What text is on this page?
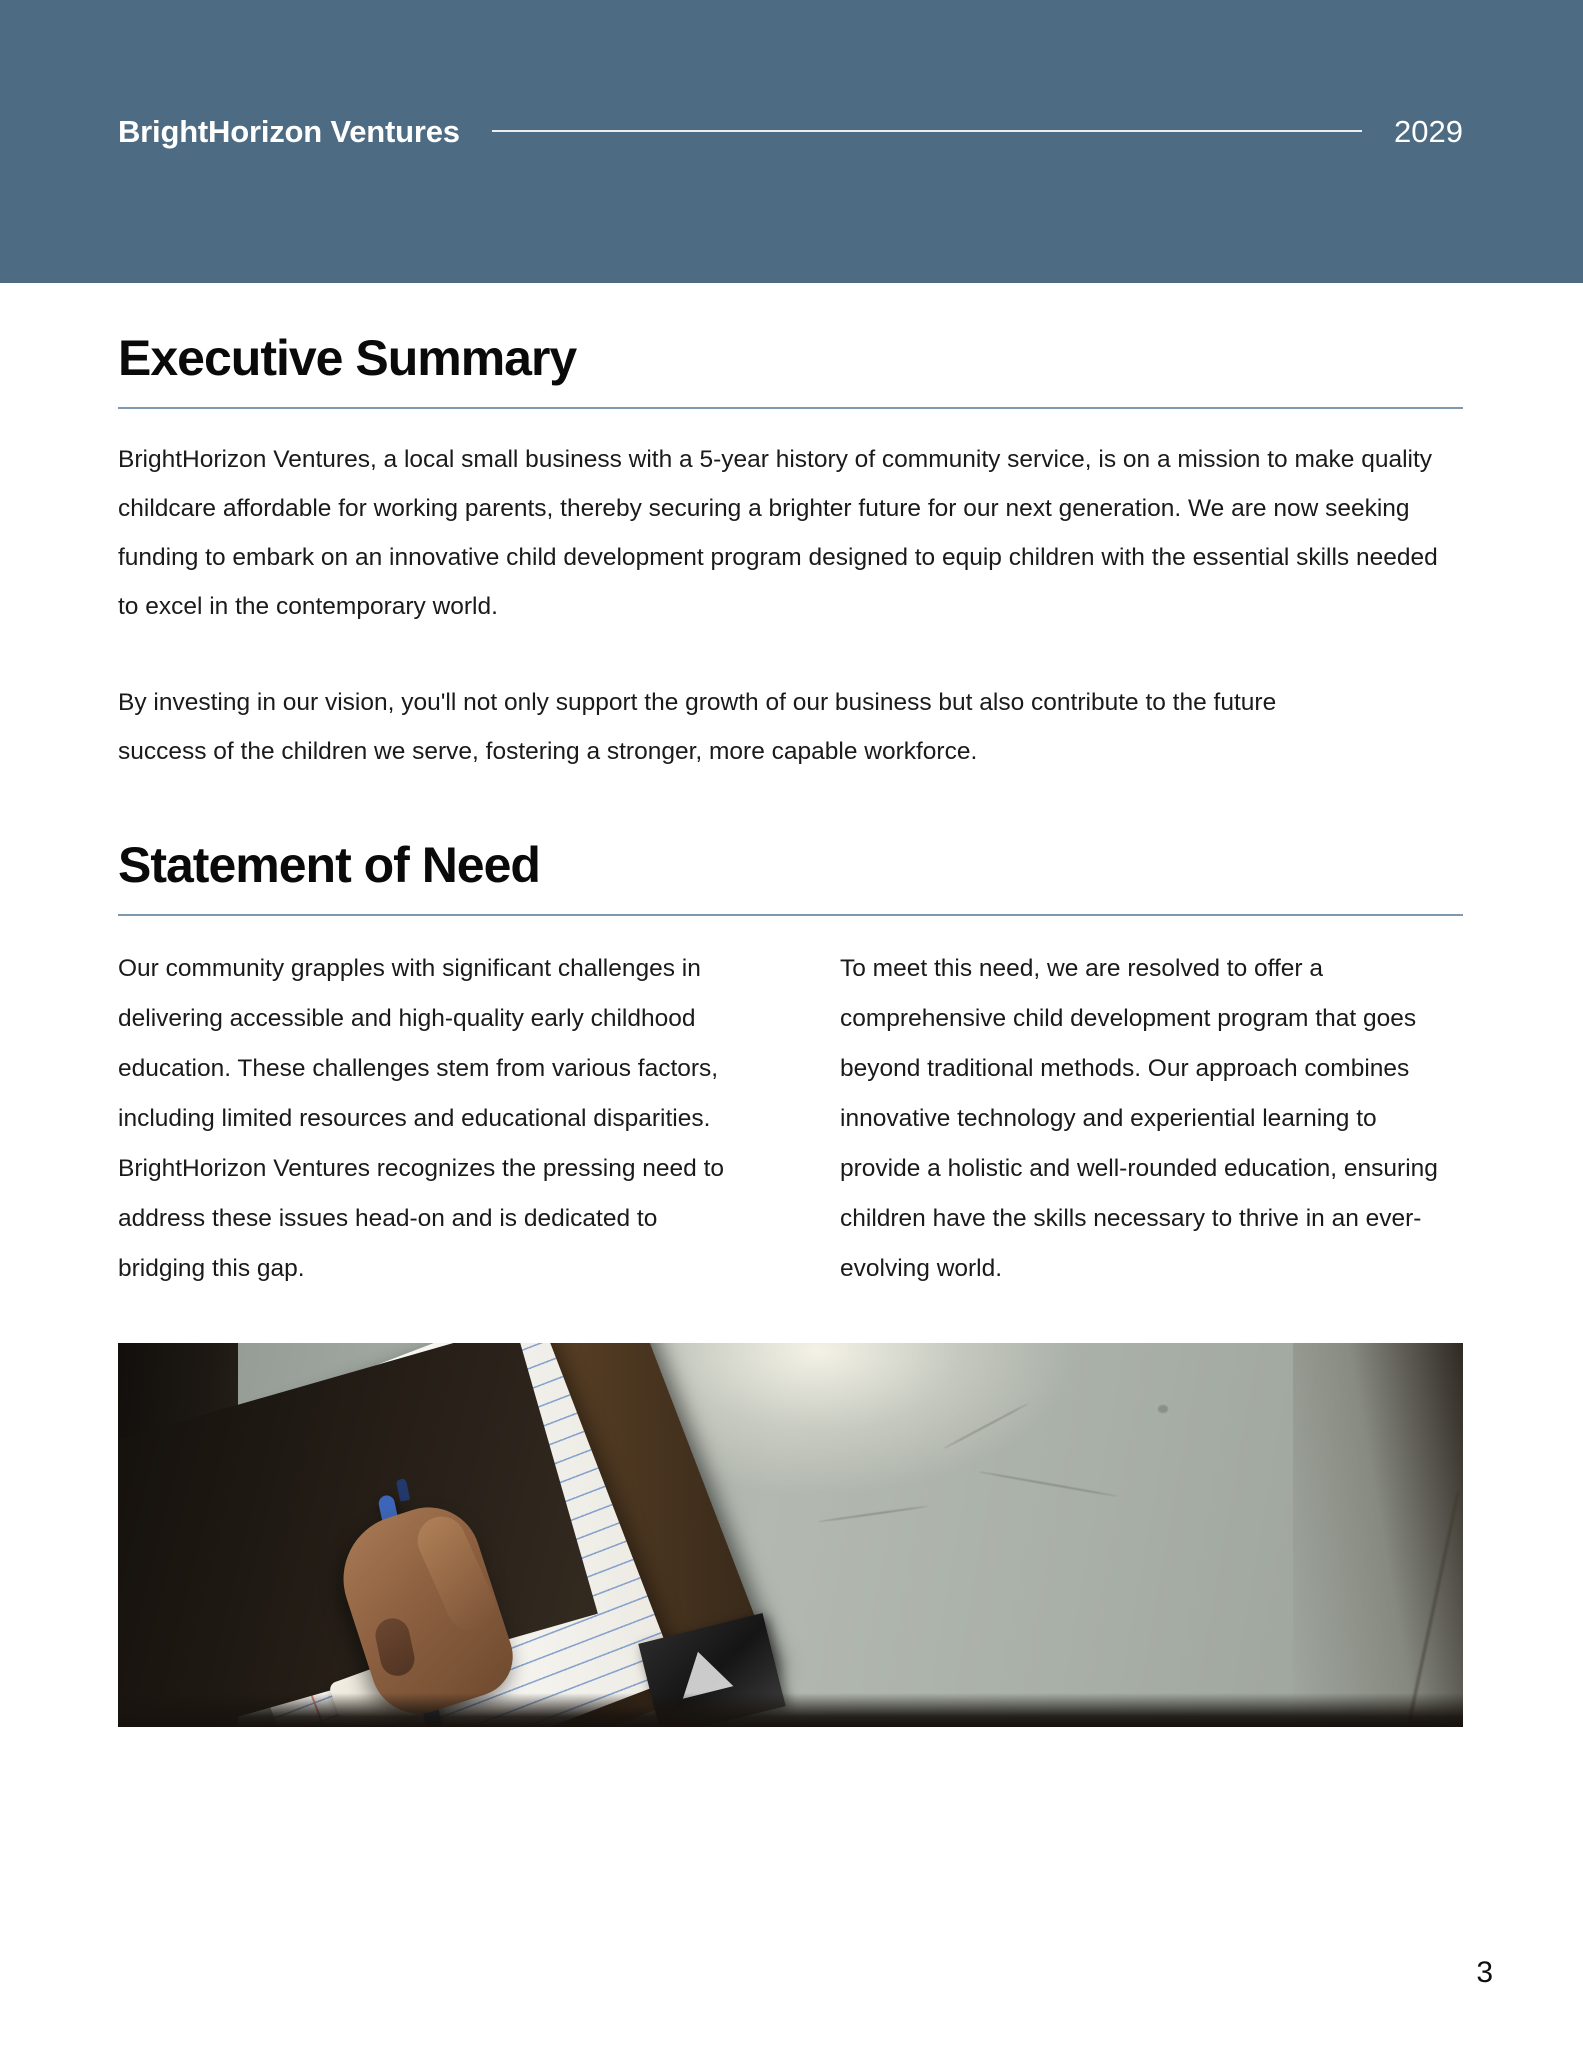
BrightHorizon Ventures	2029
Executive Summary

BrightHorizon Ventures, a local small business with a 5-year history of community service, is on a mission to make quality childcare affordable for working parents, thereby securing a brighter future for our next generation. We are now seeking funding to embark on an innovative child development program designed to equip children with the essential skills needed to excel in the contemporary world.

By investing in our vision, you'll not only support the growth of our business but also contribute to the future success of the children we serve, fostering a stronger, more capable workforce.

Statement of Need

Our community grapples with significant challenges in delivering accessible and high-quality early childhood education. These challenges stem from various factors, including limited resources and educational disparities. BrightHorizon Ventures recognizes the pressing need to address these issues head-on and is dedicated to bridging this gap.

To meet this need, we are resolved to offer a comprehensive child development program that goes beyond traditional methods. Our approach combines innovative technology and experiential learning to provide a holistic and well-rounded education, ensuring children have the skills necessary to thrive in an ever-evolving world.

3
